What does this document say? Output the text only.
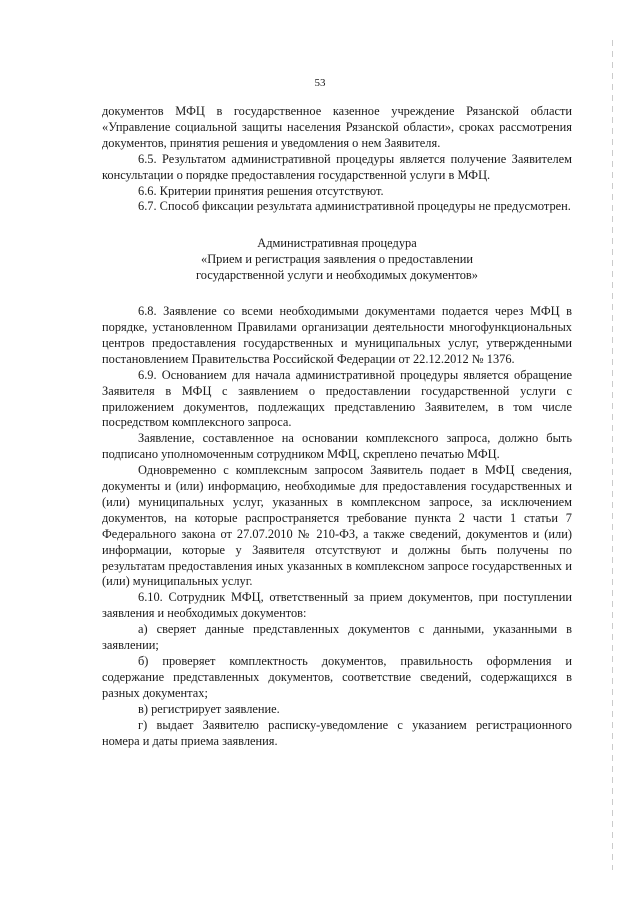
53

документов МФЦ в государственное казенное учреждение Рязанской области «Управление социальной защиты населения Рязанской области», сроках рассмотрения документов, принятия решения и уведомления о нем Заявителя.

6.5. Результатом административной процедуры является получение Заявителем консультации о порядке предоставления государственной услуги в МФЦ.

6.6. Критерии принятия решения отсутствуют.

6.7. Способ фиксации результата административной процедуры не предусмотрен.

Административная процедура

«Прием и регистрация заявления о предоставлении

государственной услуги и необходимых документов»

6.8. Заявление со всеми необходимыми документами подается через МФЦ в порядке, установленном Правилами организации деятельности многофункциональных центров предоставления государственных и муниципальных услуг, утвержденными постановлением Правительства Российской Федерации от 22.12.2012 № 1376.

6.9. Основанием для начала административной процедуры является обращение Заявителя в МФЦ с заявлением о предоставлении государственной услуги с приложением документов, подлежащих представлению Заявителем, в том числе посредством комплексного запроса.

Заявление, составленное на основании комплексного запроса, должно быть подписано уполномоченным сотрудником МФЦ, скреплено печатью МФЦ.

Одновременно с комплексным запросом Заявитель подает в МФЦ сведения, документы и (или) информацию, необходимые для предоставления государственных и (или) муниципальных услуг, указанных в комплексном запросе, за исключением документов, на которые распространяется требование пункта 2 части 1 статьи 7 Федерального закона от 27.07.2010 № 210-ФЗ, а также сведений, документов и (или) информации, которые у Заявителя отсутствуют и должны быть получены по результатам предоставления иных указанных в комплексном запросе государственных и (или) муниципальных услуг.

6.10. Сотрудник МФЦ, ответственный за прием документов, при поступлении заявления и необходимых документов:

а) сверяет данные представленных документов с данными, указанными в заявлении;

б) проверяет комплектность документов, правильность оформления и содержание представленных документов, соответствие сведений, содержащихся в разных документах;

в) регистрирует заявление.

г) выдает Заявителю расписку-уведомление с указанием регистрационного номера и даты приема заявления.
